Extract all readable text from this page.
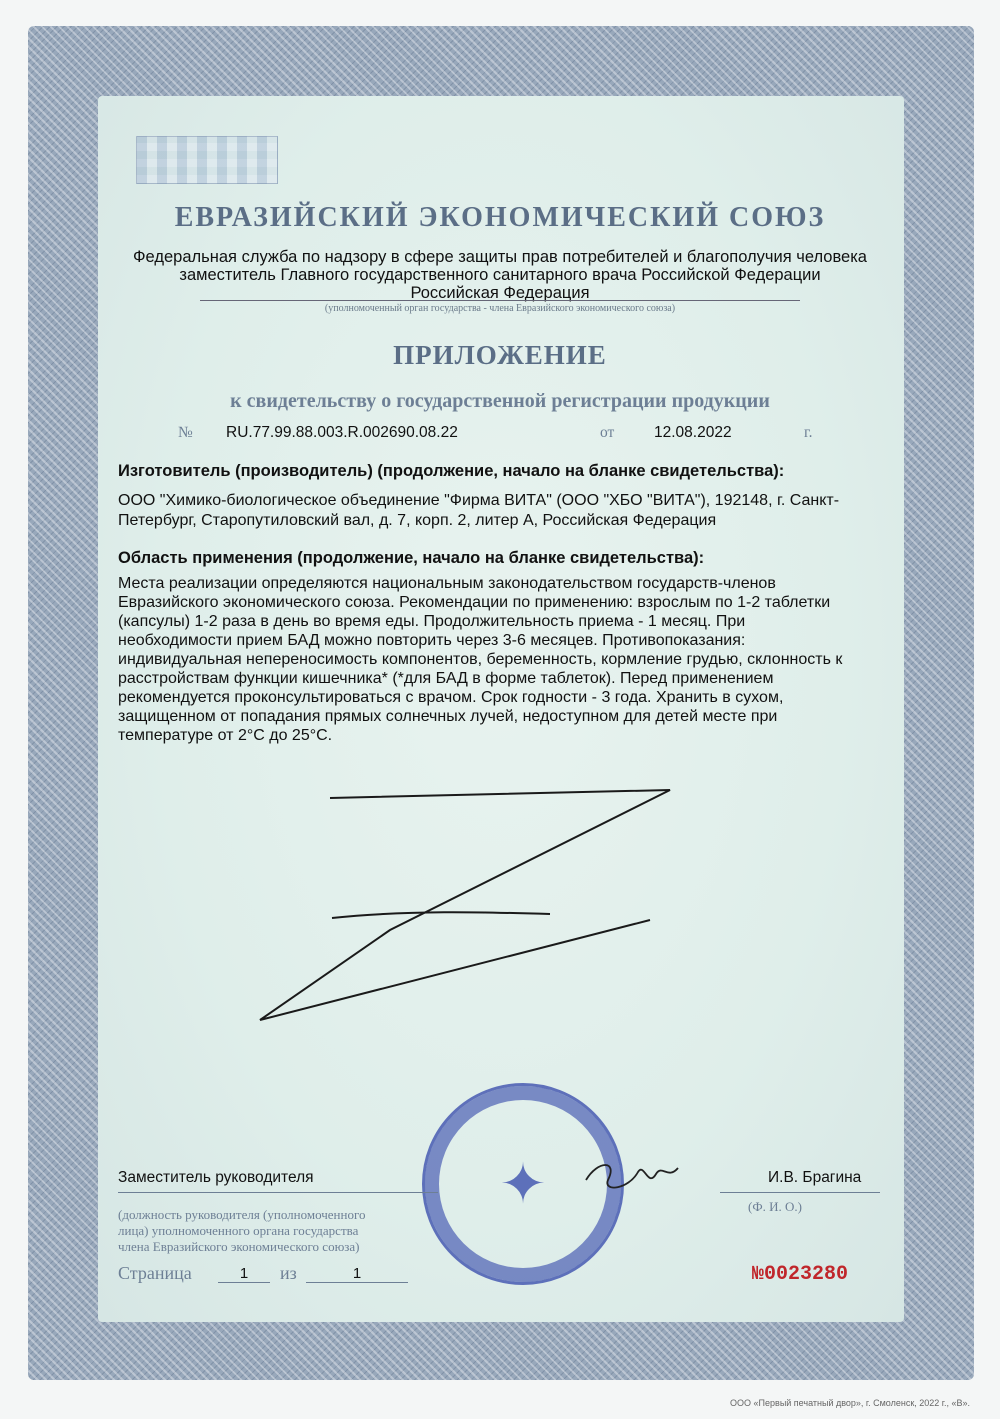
ЕВРАЗИЙСКИЙ ЭКОНОМИЧЕСКИЙ СОЮЗ
Федеральная служба по надзору в сфере защиты прав потребителей и благополучия человека
заместитель Главного государственного санитарного врача Российской Федерации
Российская Федерация
(уполномоченный орган государства - члена Евразийского экономического союза)
ПРИЛОЖЕНИЕ
к свидетельству о государственной регистрации продукции
№ RU.77.99.88.003.R.002690.08.22	от	12.08.2022	г.
Изготовитель (производитель) (продолжение, начало на бланке свидетельства):
ООО "Химико-биологическое объединение "Фирма ВИТА" (ООО "ХБО "ВИТА"), 192148, г. Санкт-
Петербург, Старопутиловский вал, д. 7, корп. 2, литер А, Российская Федерация
Область применения (продолжение, начало на бланке свидетельства):
Места реализации определяются национальным законодательством государств-членов
Евразийского экономического союза. Рекомендации по применению: взрослым по 1-2 таблетки
(капсулы) 1-2 раза в день во время еды. Продолжительность приема - 1 месяц. При
необходимости прием БАД можно повторить через 3-6 месяцев. Противопоказания:
индивидуальная непереносимость компонентов, беременность, кормление грудью, склонность к
расстройствам функции кишечника* (*для БАД в форме таблеток). Перед применением
рекомендуется проконсультироваться с врачом. Срок годности - 3 года. Хранить в сухом,
защищенном от попадания прямых солнечных лучей, недоступном для детей месте при
температуре от 2°C до 25°C.
✦
Заместитель руководителя	И.В. Брагина
(должность руководителя (уполномоченного
лица) уполномоченного органа государства
члена Евразийского экономического союза)
(Ф. И. О.)
Страница	1	из	1	№0023280
ООО «Первый печатный двор», г. Смоленск, 2022 г., «В».
